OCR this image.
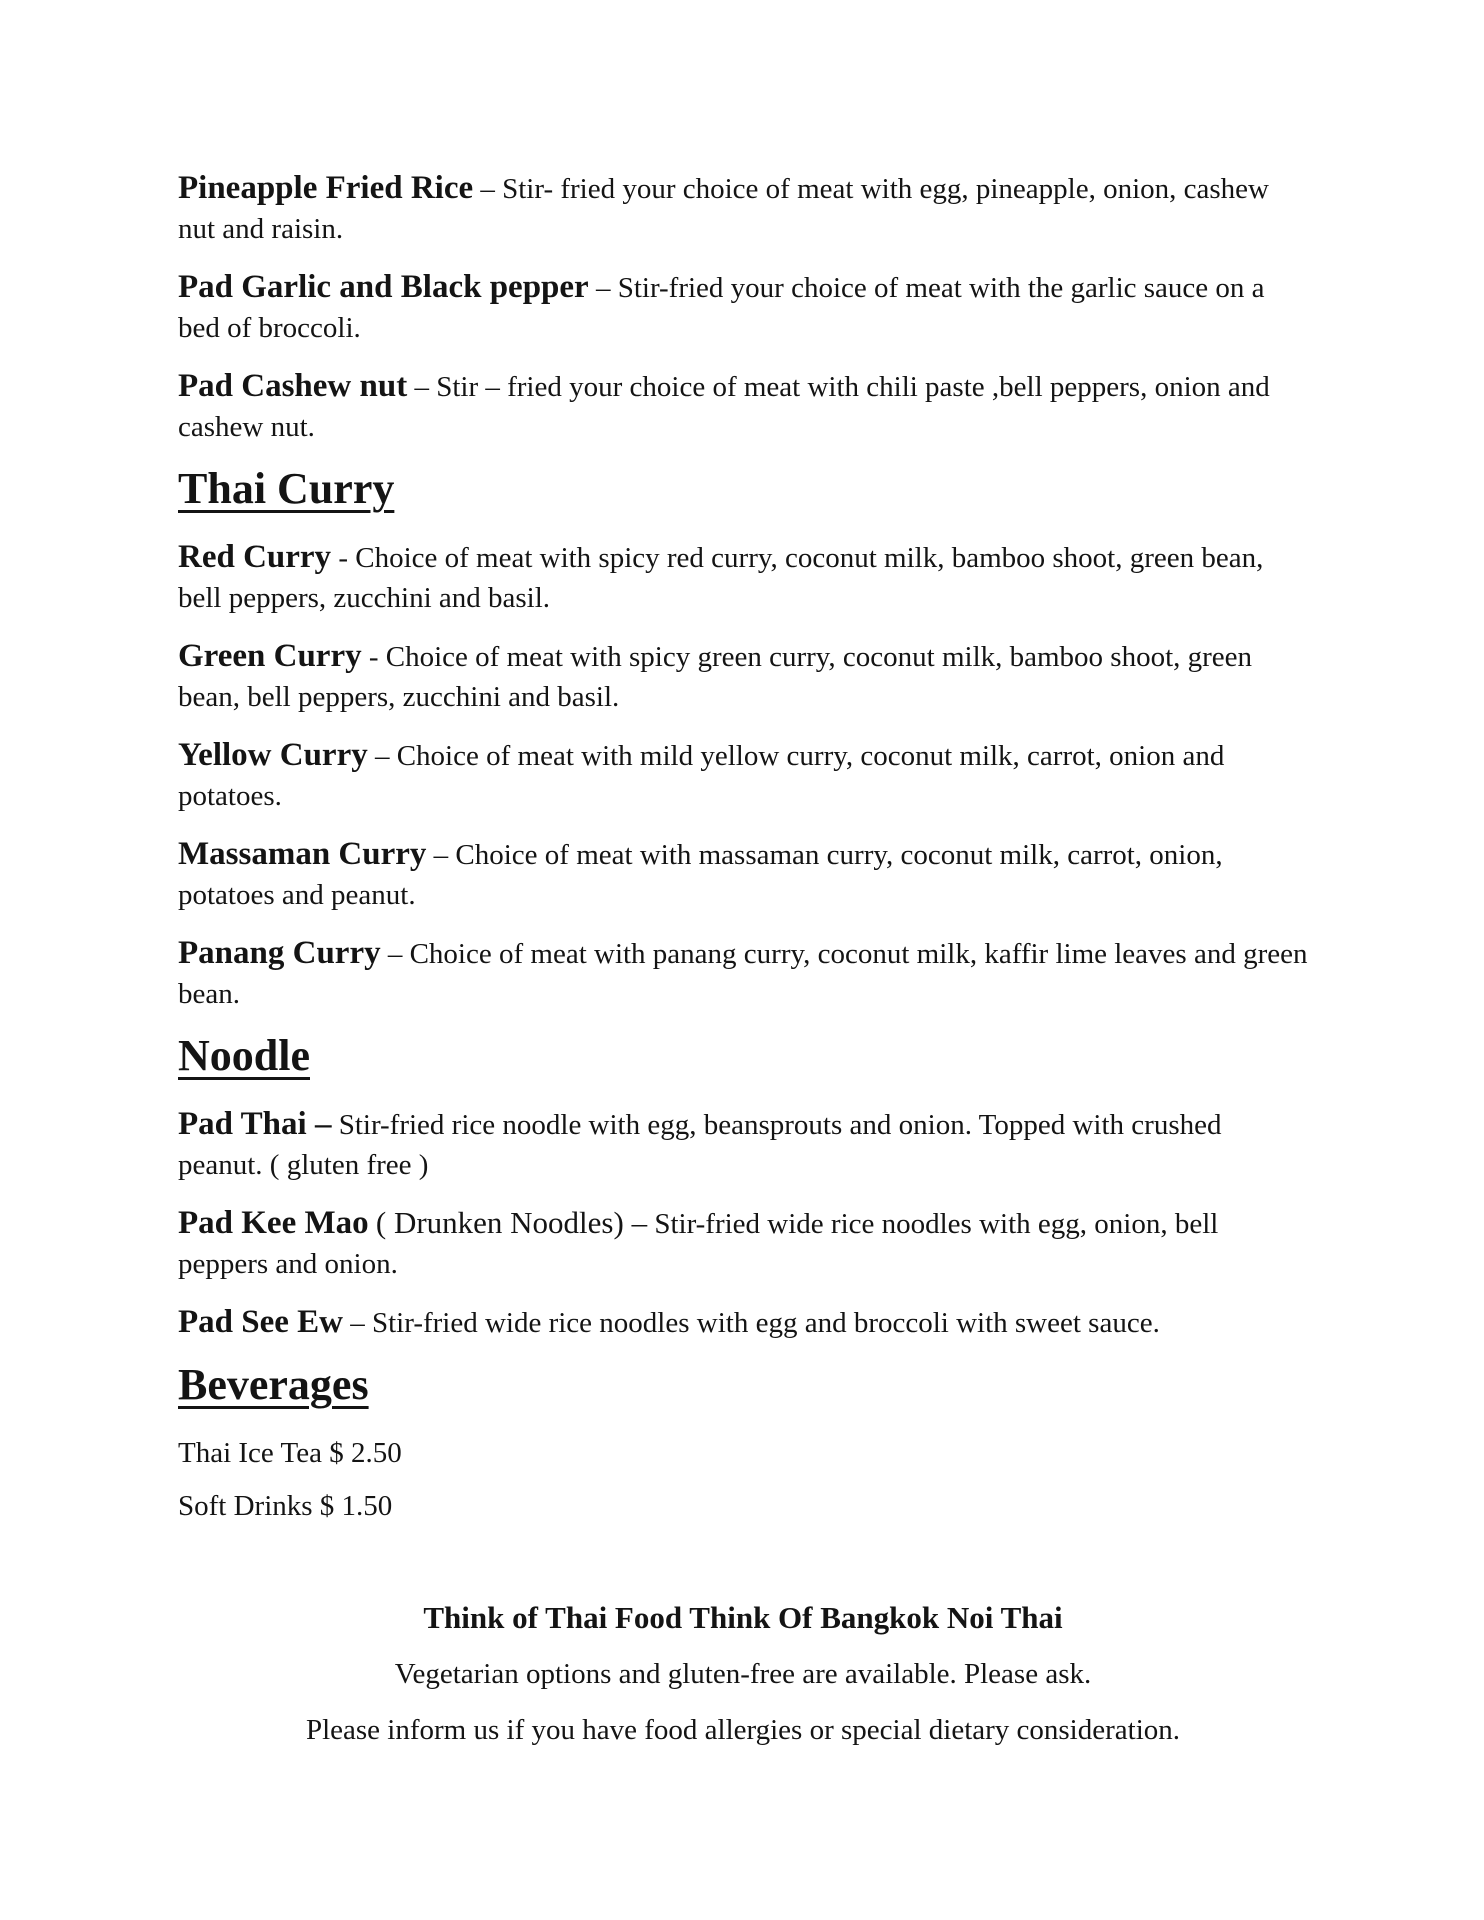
Pineapple Fried Rice – Stir- fried your choice of meat with egg, pineapple, onion, cashew nut and raisin.

Pad Garlic and Black pepper – Stir-fried your choice of meat with the garlic sauce on a bed of broccoli.

Pad Cashew nut – Stir – fried your choice of meat with chili paste ,bell peppers, onion and cashew nut.

Thai Curry

Red Curry - Choice of meat with spicy red curry, coconut milk, bamboo shoot, green bean, bell peppers, zucchini and basil.

Green Curry - Choice of meat with spicy green curry, coconut milk, bamboo shoot, green bean, bell peppers, zucchini and basil.

Yellow Curry – Choice of meat with mild yellow curry, coconut milk, carrot, onion and potatoes.

Massaman Curry – Choice of meat with massaman curry, coconut milk, carrot, onion, potatoes and peanut.

Panang Curry – Choice of meat with panang curry, coconut milk, kaffir lime leaves and green bean.

Noodle

Pad Thai – Stir-fried rice noodle with egg, beansprouts and onion. Topped with crushed peanut. ( gluten free )

Pad Kee Mao ( Drunken Noodles) – Stir-fried wide rice noodles with egg, onion, bell peppers and onion.

Pad See Ew – Stir-fried wide rice noodles with egg and broccoli with sweet sauce.

Beverages

Thai Ice Tea $ 2.50

Soft Drinks $ 1.50

Think of Thai Food Think Of Bangkok Noi Thai

Vegetarian options and gluten-free are available. Please ask.

Please inform us if you have food allergies or special dietary consideration.
